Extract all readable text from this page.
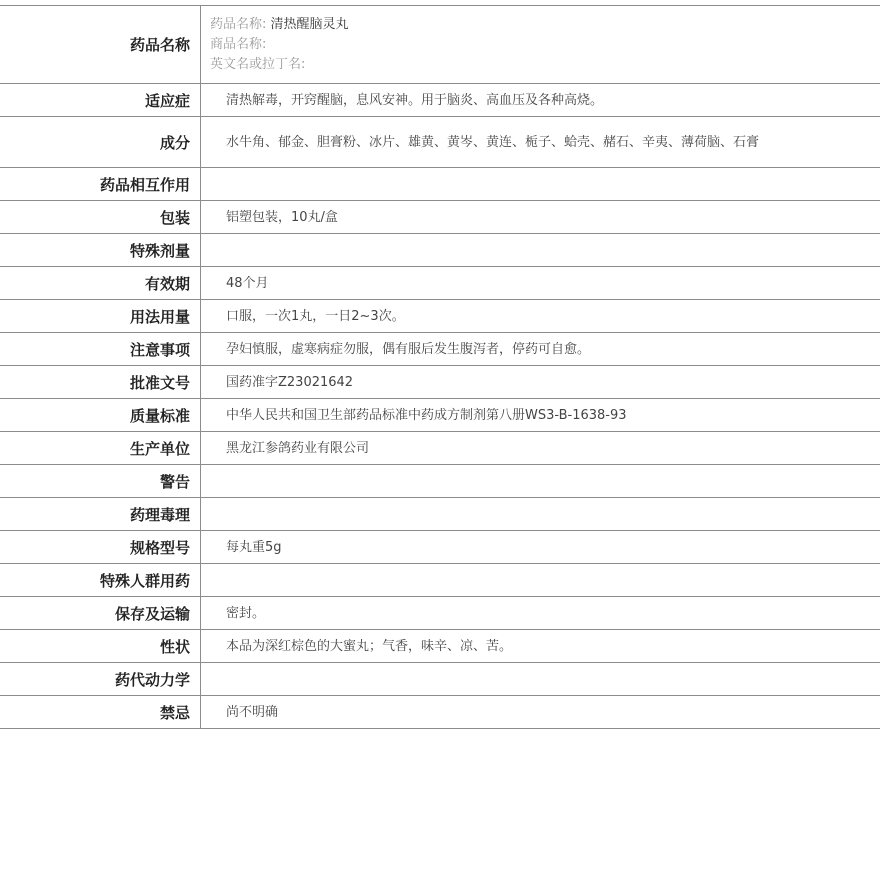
药品名称	药品名称: 清热醒脑灵丸
商品名称:
英文名或拉丁名:

适应症	清热解毒，开窍醒脑，息风安神。用于脑炎、高血压及各种高烧。
成分	水牛角、郁金、胆膏粉、冰片、雄黄、黄岑、黄连、栀子、蛤壳、赭石、辛夷、薄荷脑、石膏
药品相互作用	
包装	铝塑包装，10丸/盒
特殊剂量	
有效期	48个月
用法用量	口服，一次1丸，一日2~3次。
注意事项	孕妇慎服，虚寒病症勿服，偶有服后发生腹泻者，停药可自愈。
批准文号	国药准字Z23021642
质量标准	中华人民共和国卫生部药品标准中药成方制剂第八册WS3-B-1638-93
生产单位	黑龙江参鸽药业有限公司
警告	
药理毒理	
规格型号	每丸重5g
特殊人群用药	
保存及运输	密封。
性状	本品为深红棕色的大蜜丸；气香，味辛、凉、苦。
药代动力学	
禁忌	尚不明确
